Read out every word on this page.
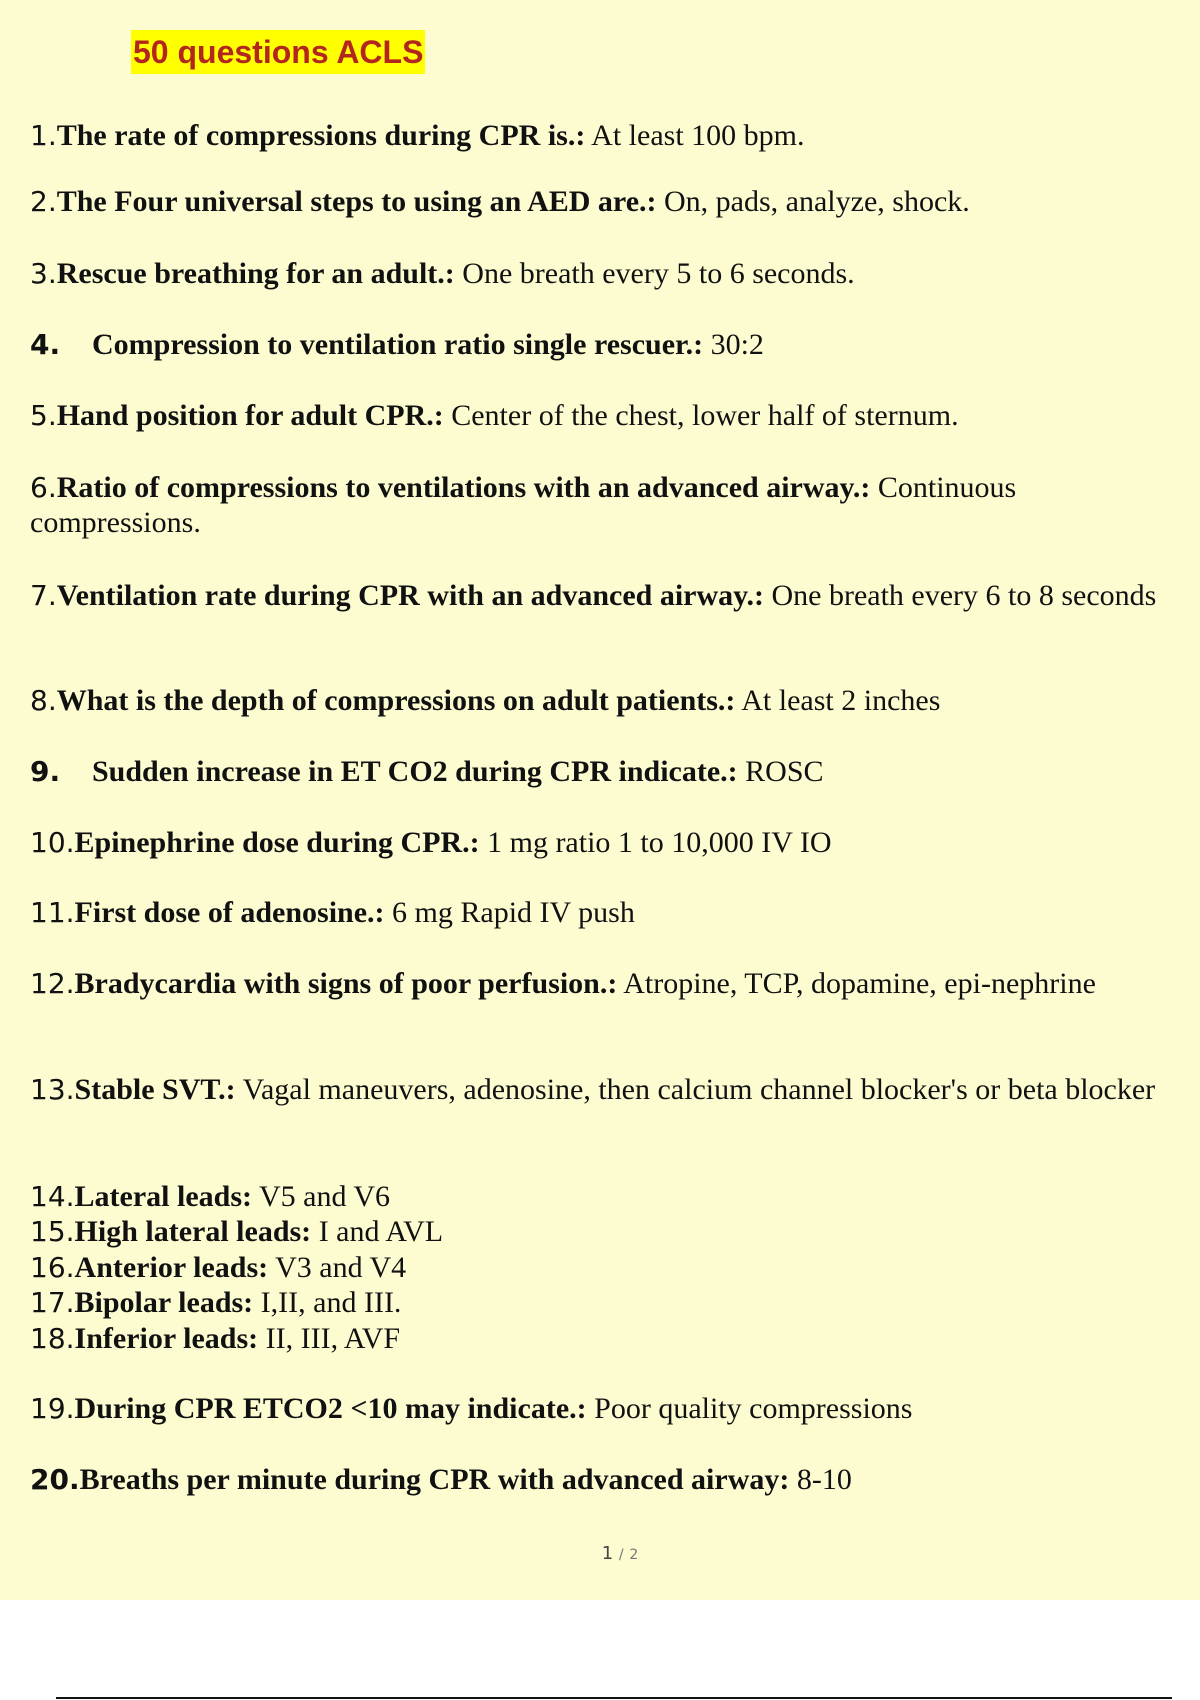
50 questions ACLS
1.The rate of compressions during CPR is.: At least 100 bpm.
2.The Four universal steps to using an AED are.: On, pads, analyze, shock.
3.Rescue breathing for an adult.: One breath every 5 to 6 seconds.
4. Compression to ventilation ratio single rescuer.: 30:2
5.Hand position for adult CPR.: Center of the chest, lower half of sternum.
6.Ratio of compressions to ventilations with an advanced airway.: Continuous compressions.
7.Ventilation rate during CPR with an advanced airway.: One breath every 6 to 8 seconds
8.What is the depth of compressions on adult patients.: At least 2 inches
9. Sudden increase in ET CO2 during CPR indicate.: ROSC
10.Epinephrine dose during CPR.: 1 mg ratio 1 to 10,000 IV IO
11.First dose of adenosine.: 6 mg Rapid IV push
12.Bradycardia with signs of poor perfusion.: Atropine, TCP, dopamine, epi-nephrine
13.Stable SVT.: Vagal maneuvers, adenosine, then calcium channel blocker's or beta blocker
14.Lateral leads: V5 and V6
15.High lateral leads: I and AVL
16.Anterior leads: V3 and V4
17.Bipolar leads: I,II, and III.
18.Inferior leads: II, III, AVF
19.During CPR ETCO2 <10 may indicate.: Poor quality compressions
20.Breaths per minute during CPR with advanced airway: 8-10
1 / 2
